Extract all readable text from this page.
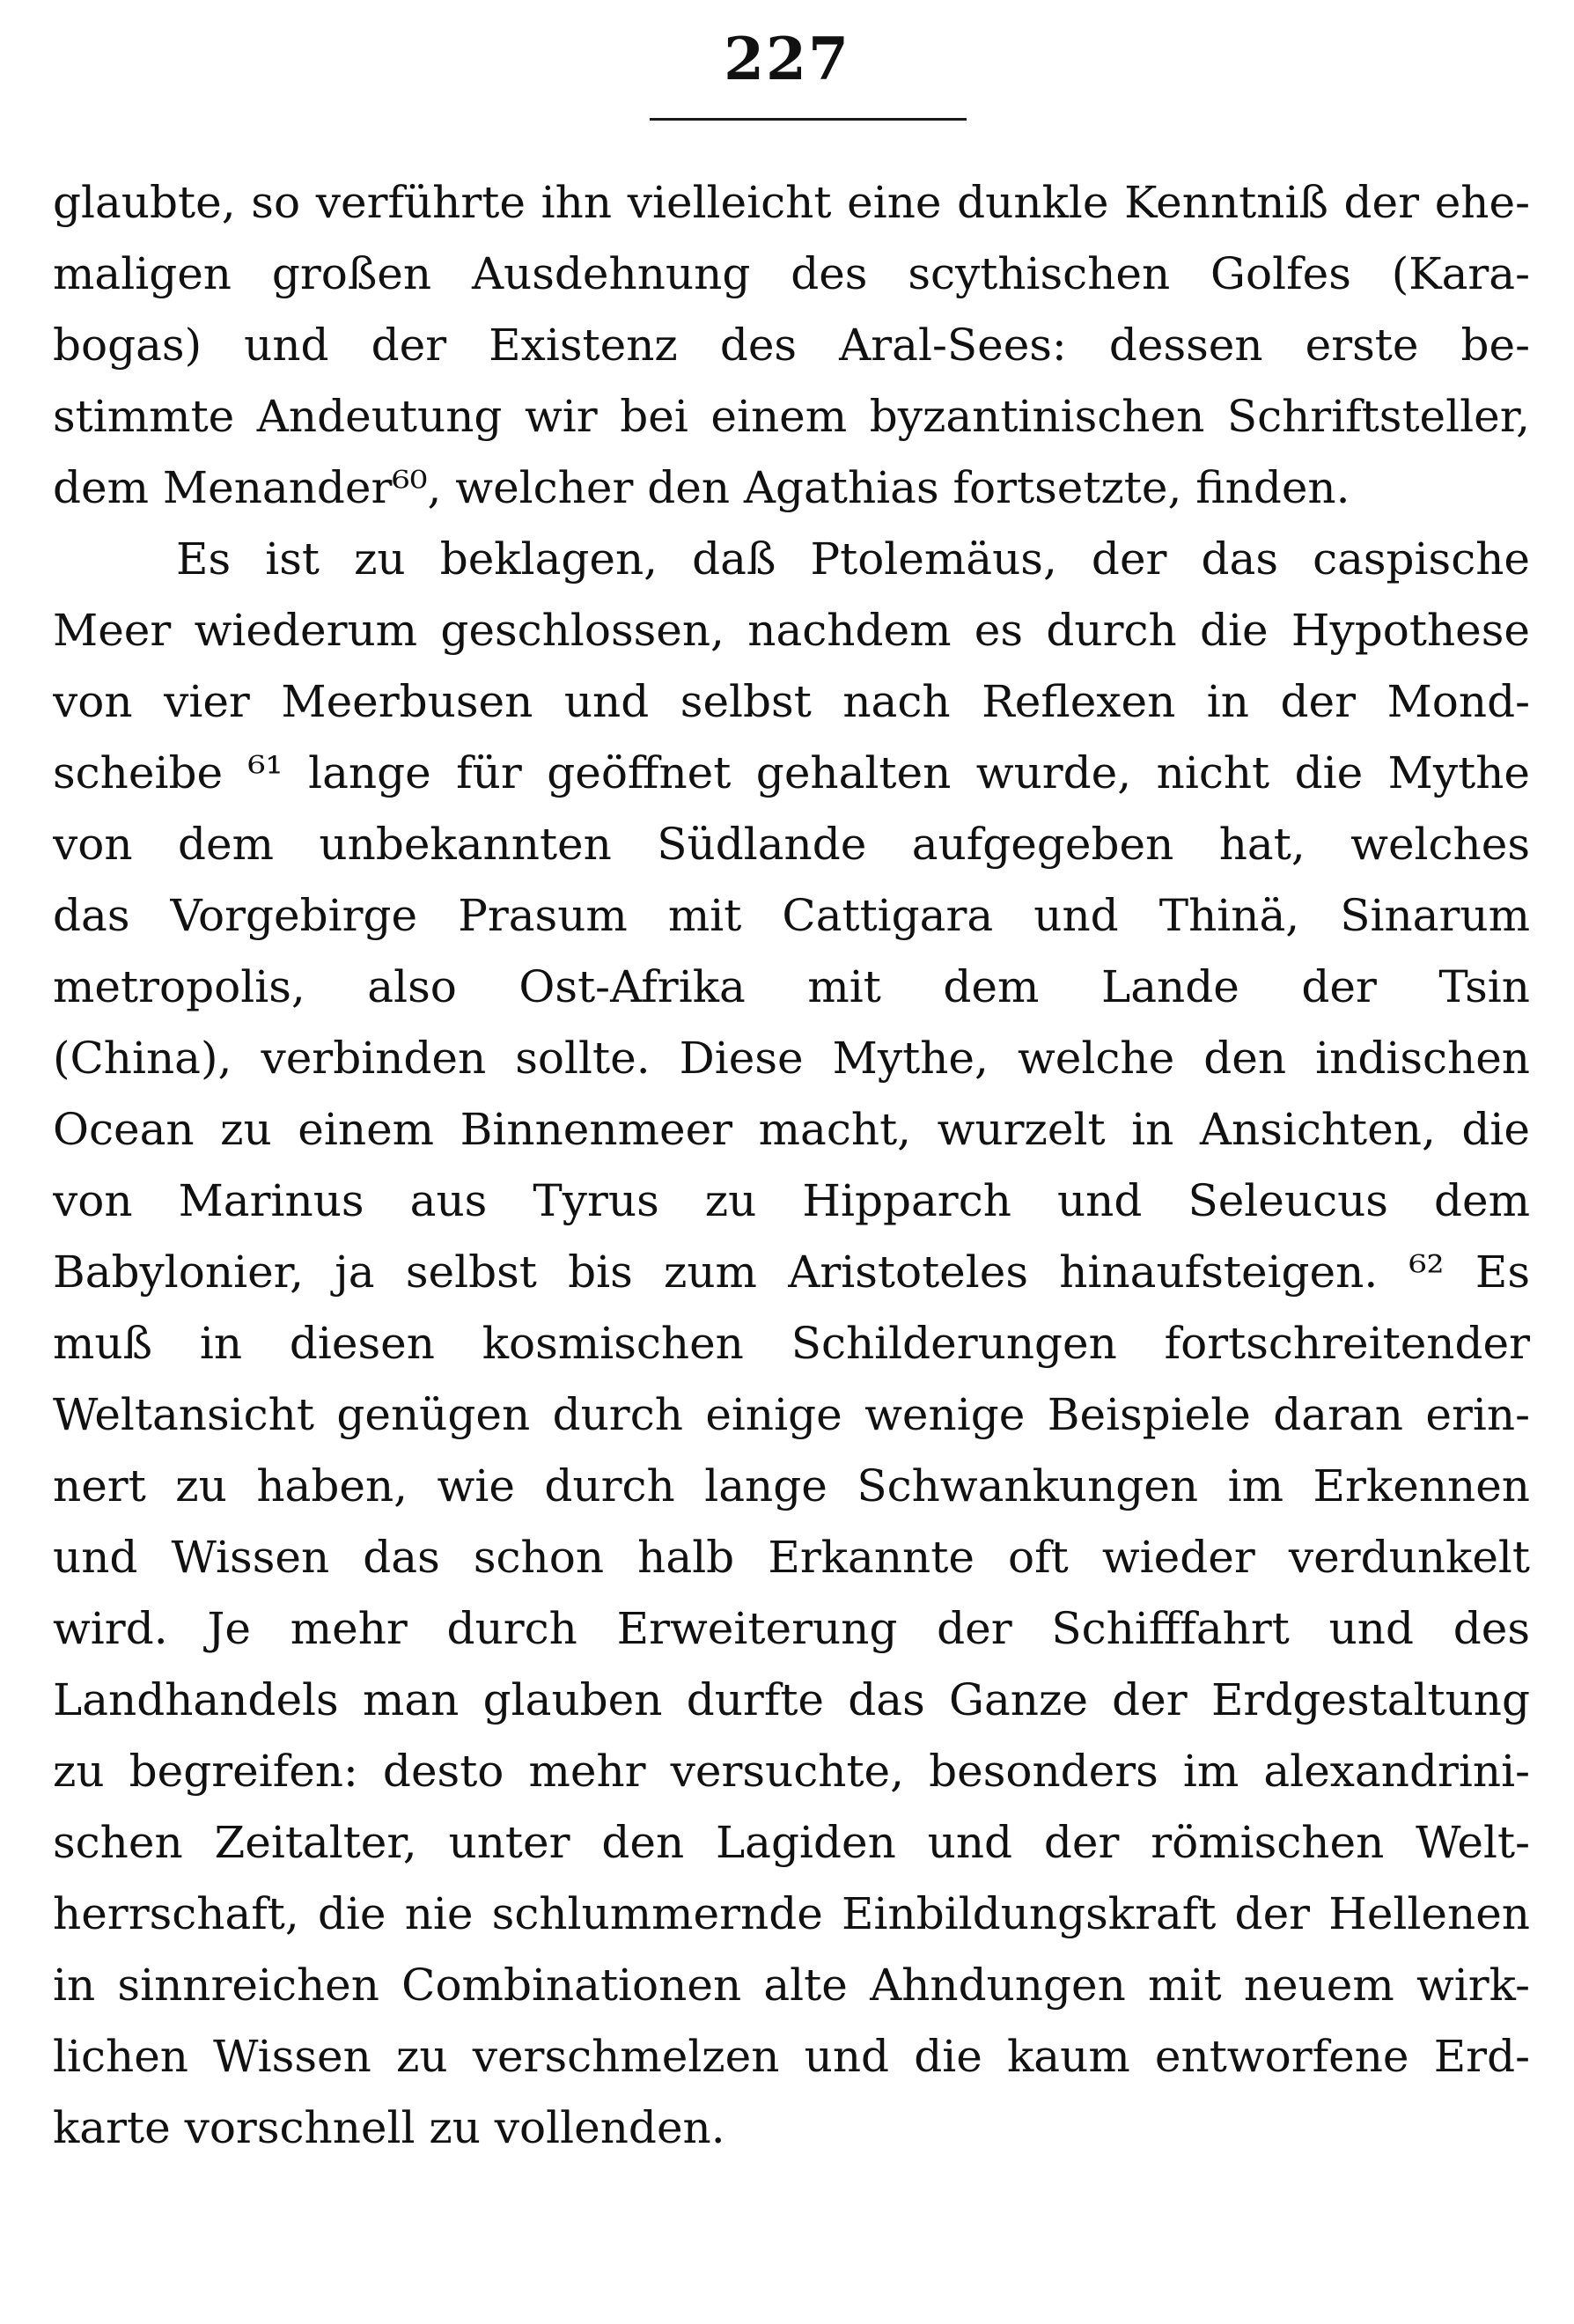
227
glaubte, so verführte ihn vielleicht eine dunkle Kenntniß der ehe-
maligen großen Ausdehnung des scythischen Golfes (Kara-
bogas) und der Existenz des Aral-Sees: dessen erste be-
stimmte Andeutung wir bei einem byzantinischen Schriftsteller,
dem Menander⁶⁰, welcher den Agathias fortsetzte, finden.
Es ist zu beklagen, daß Ptolemäus, der das caspische
Meer wiederum geschlossen, nachdem es durch die Hypothese
von vier Meerbusen und selbst nach Reflexen in der Mond-
scheibe ⁶¹ lange für geöffnet gehalten wurde, nicht die Mythe
von dem unbekannten Südlande aufgegeben hat, welches
das Vorgebirge Prasum mit Cattigara und Thinä, Sinarum
metropolis, also Ost-Afrika mit dem Lande der Tsin
(China), verbinden sollte. Diese Mythe, welche den indischen
Ocean zu einem Binnenmeer macht, wurzelt in Ansichten, die
von Marinus aus Tyrus zu Hipparch und Seleucus dem
Babylonier, ja selbst bis zum Aristoteles hinaufsteigen. ⁶² Es
muß in diesen kosmischen Schilderungen fortschreitender
Weltansicht genügen durch einige wenige Beispiele daran erin-
nert zu haben, wie durch lange Schwankungen im Erkennen
und Wissen das schon halb Erkannte oft wieder verdunkelt
wird. Je mehr durch Erweiterung der Schifffahrt und des
Landhandels man glauben durfte das Ganze der Erdgestaltung
zu begreifen: desto mehr versuchte, besonders im alexandrini-
schen Zeitalter, unter den Lagiden und der römischen Welt-
herrschaft, die nie schlummernde Einbildungskraft der Hellenen
in sinnreichen Combinationen alte Ahndungen mit neuem wirk-
lichen Wissen zu verschmelzen und die kaum entworfene Erd-
karte vorschnell zu vollenden.
